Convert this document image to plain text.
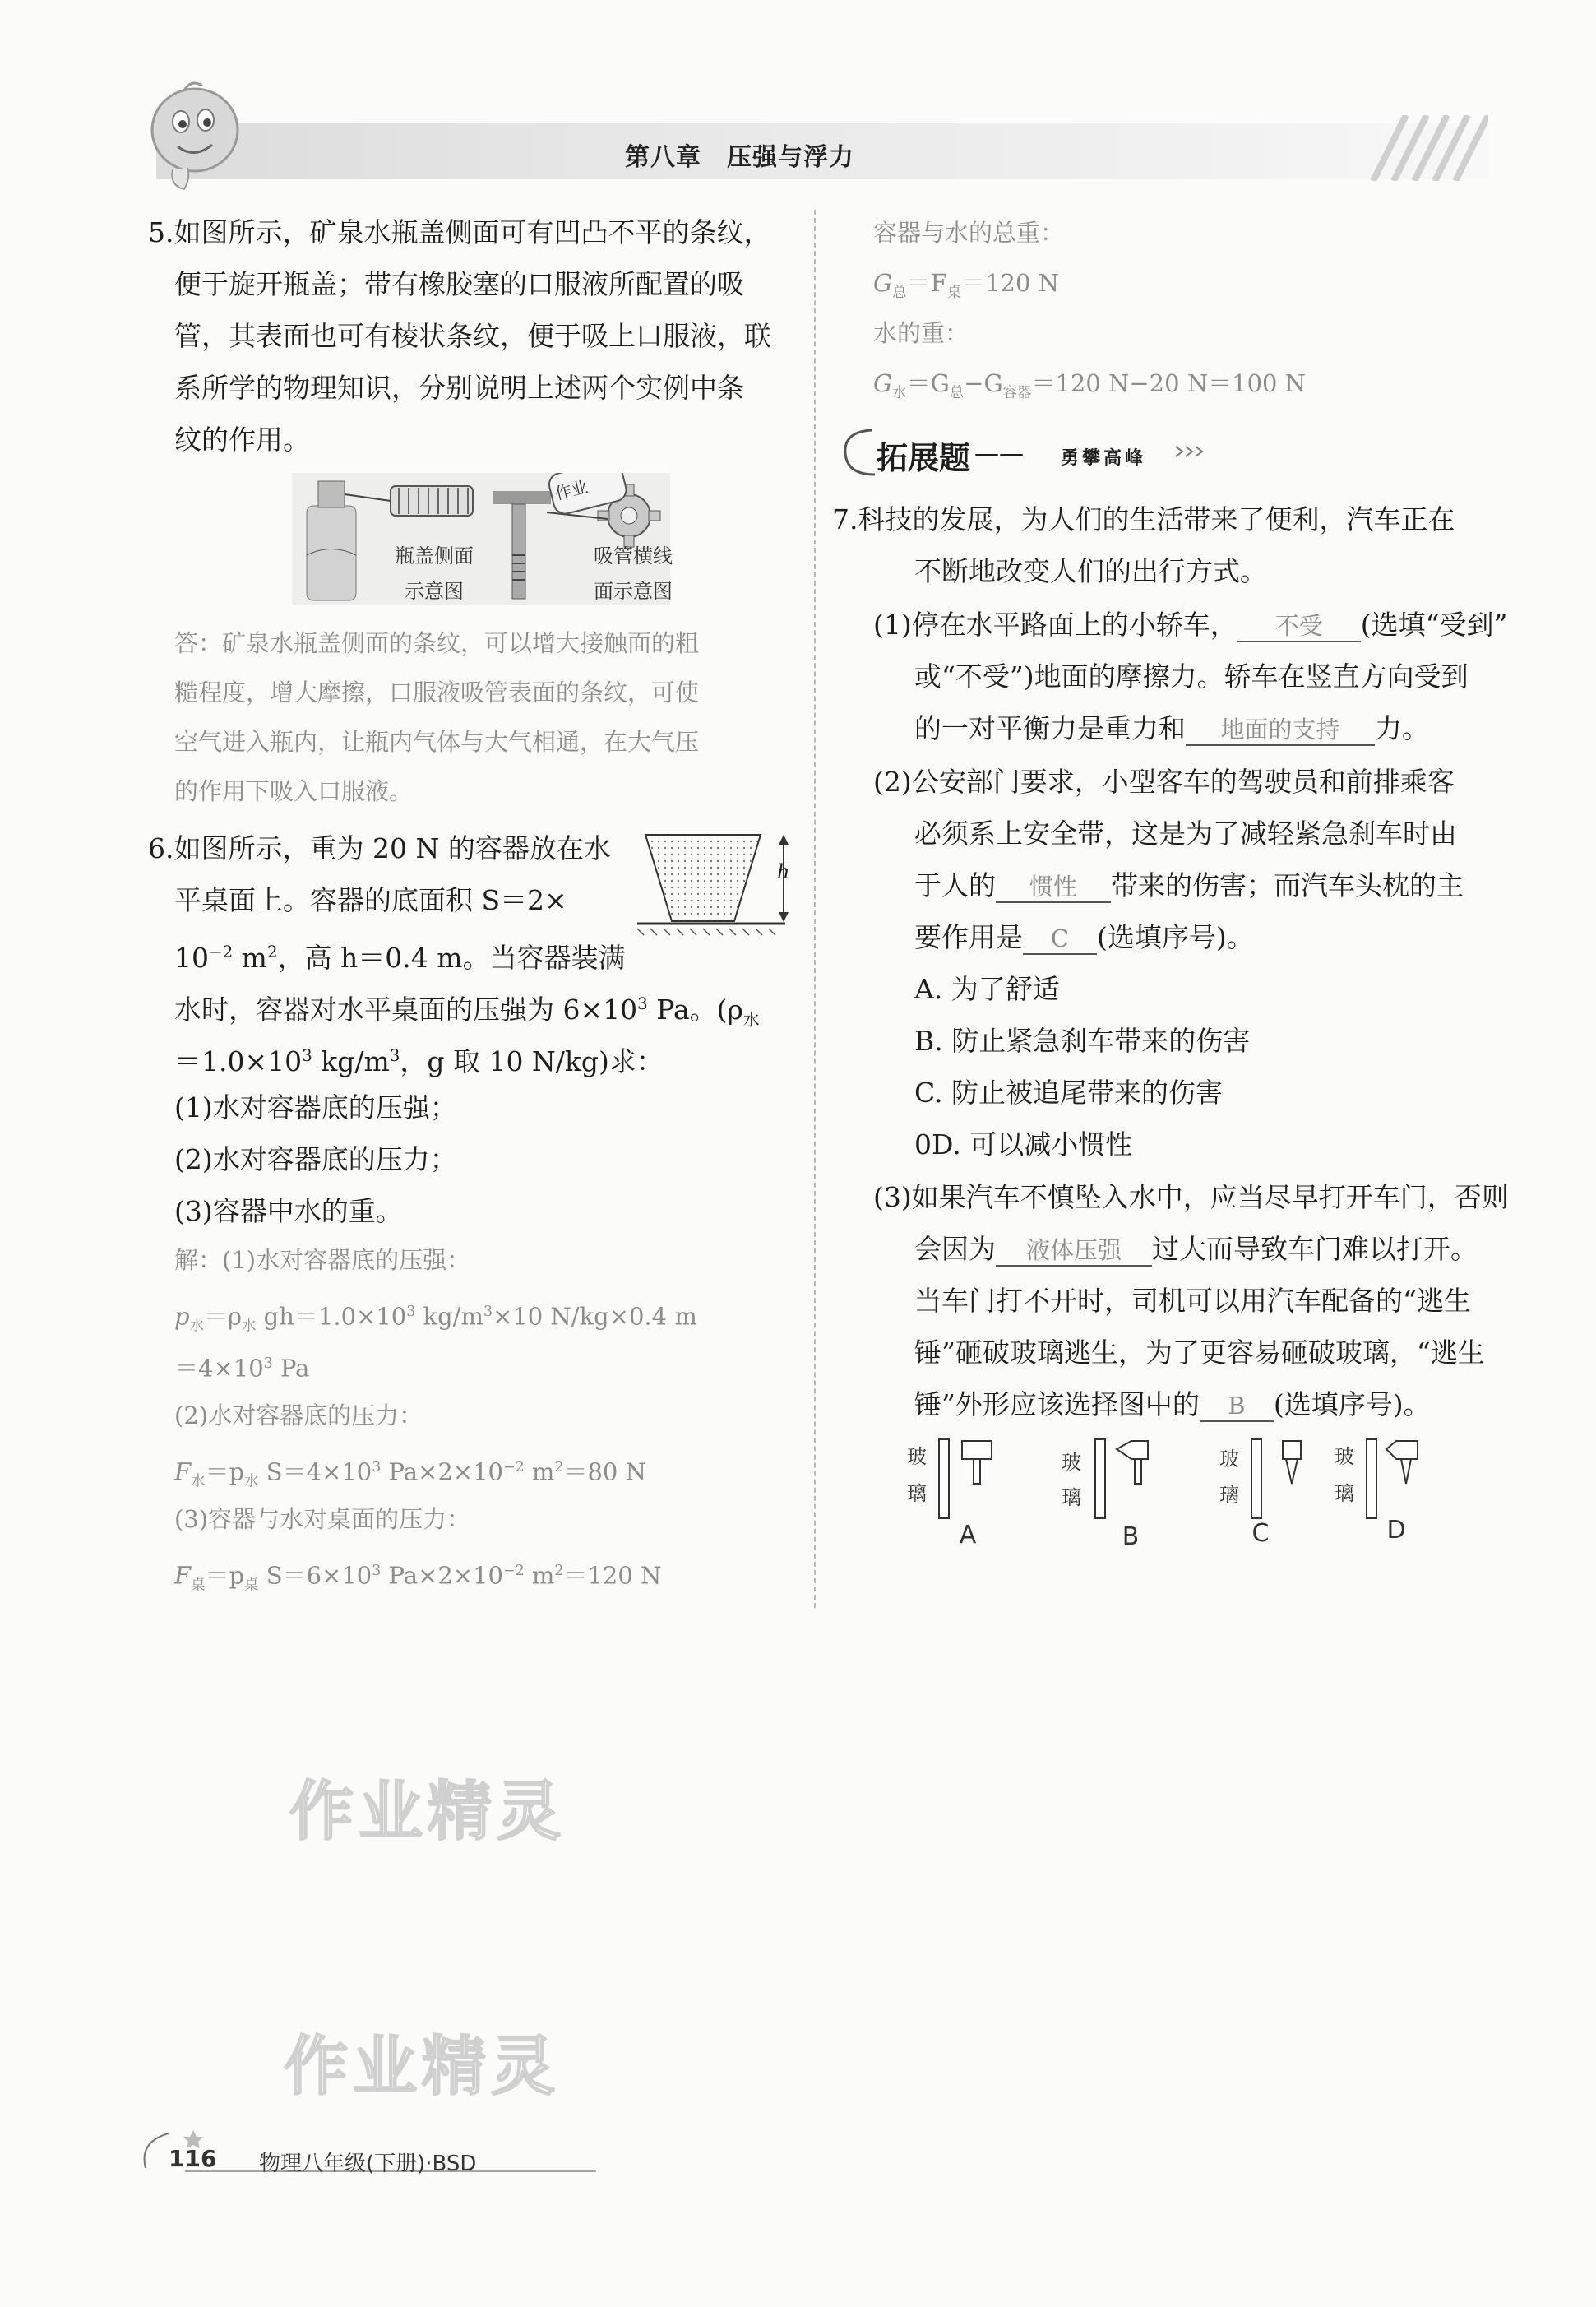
第八章　压强与浮力
5.如图所示，矿泉水瓶盖侧面可有凹凸不平的条纹，
便于旋开瓶盖；带有橡胶塞的口服液所配置的吸
管，其表面也可有棱状条纹，便于吸上口服液，联
系所学的物理知识，分别说明上述两个实例中条
纹的作用。
瓶盖侧面
示意图
吸管横线
面示意图
作业
答：矿泉水瓶盖侧面的条纹，可以增大接触面的粗
糙程度，增大摩擦，口服液吸管表面的条纹，可使
空气进入瓶内，让瓶内气体与大气相通，在大气压
的作用下吸入口服液。
6.如图所示，重为 20 N 的容器放在水
平桌面上。容器的底面积 S＝2×
$10^{-2}$ $m^2$，高 h＝0.4 m。当容器装满
水时，容器对水平桌面的压强为 $6\times 10^3$ Pa。($\rho_水$
$=1.0\times 10^3$ $kg/m^3$，g 取 10 N/kg)求：
(1)水对容器底的压强；
(2)水对容器底的压力；
(3)容器中水的重。
h
解：(1)水对容器底的压强：
$p_水=\rho_水$ $gh=1.0\times 10^3$ $kg/m^3\times 10$ N/kg×0.4 m
$=4\times 10^3$ Pa
(2)水对容器底的压力：
$F_水=p_水$ $S=4\times 10^3$ $Pa\times 2\times 10^{-2}$ $m^2=80$ N
(3)容器与水对桌面的压力：
$F_桌=p_桌$ $S=6\times 10^3$ $Pa\times 2\times 10^{-2}$ $m^2=120$ N
容器与水的总重：
$G_总=F_桌=120$ N
水的重：
$G_水=G_总-G_{容器}=120$ N−20 N＝100 N
拓展题 —— 勇攀高峰
7.科技的发展，为人们的生活带来了便利，汽车正在
不断地改变人们的出行方式。
(1)停在水平路面上的小轿车， 不受 (选填“受到”
或“不受”)地面的摩擦力。轿车在竖直方向受到
的一对平衡力是重力和 地面的支持 力。
(2)公安部门要求，小型客车的驾驶员和前排乘客
必须系上安全带，这是为了减轻紧急刹车时由
于人的 惯性 带来的伤害；而汽车头枕的主
要作用是 C (选填序号)。
A. 为了舒适
B. 防止紧急刹车带来的伤害
C. 防止被追尾带来的伤害
0D. 可以减小惯性
(3)如果汽车不慎坠入水中，应当尽早打开车门，否则
会因为 液体压强 过大而导致车门难以打开。
当车门打不开时，司机可以用汽车配备的“逃生
锤”砸破玻璃逃生，为了更容易砸破玻璃，“逃生
锤”外形应该选择图中的 B (选填序号)。
玻
璃
玻
璃
玻
璃
玻
璃
A	B	C	D
作业精灵
作业精灵
116 物理八年级(下册)·BSD
